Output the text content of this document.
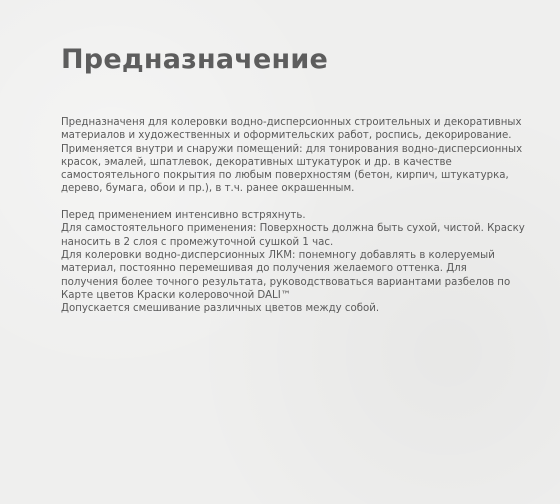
Предназначение

Предназначеня для колеровки водно-дисперсионных строительных и декоративных материалов и художественных и оформительских работ, роспись, декорирование. Применяется внутри и снаружи помещений: для тонирования водно-дисперсионных красок, эмалей, шпатлевок, декоративных штукатурок и др. в качестве самостоятельного покрытия по любым поверхностям (бетон, кирпич, штукатурка, дерево, бумага, обои и пр.), в т.ч. ранее окрашенным.

Перед применением интенсивно встряхнуть.

Для самостоятельного применения: Поверхность должна быть сухой, чистой. Краску наносить в 2 слоя с промежуточной сушкой 1 час.

Для колеровки водно-дисперсионных ЛКМ: понемногу добавлять в колеруемый материал, постоянно перемешивая до получения желаемого оттенка. Для получения более точного результата, руководствоваться вариантами разбелов по Карте цветов Краски колеровочной DALI™

Допускается смешивание различных цветов между собой.
